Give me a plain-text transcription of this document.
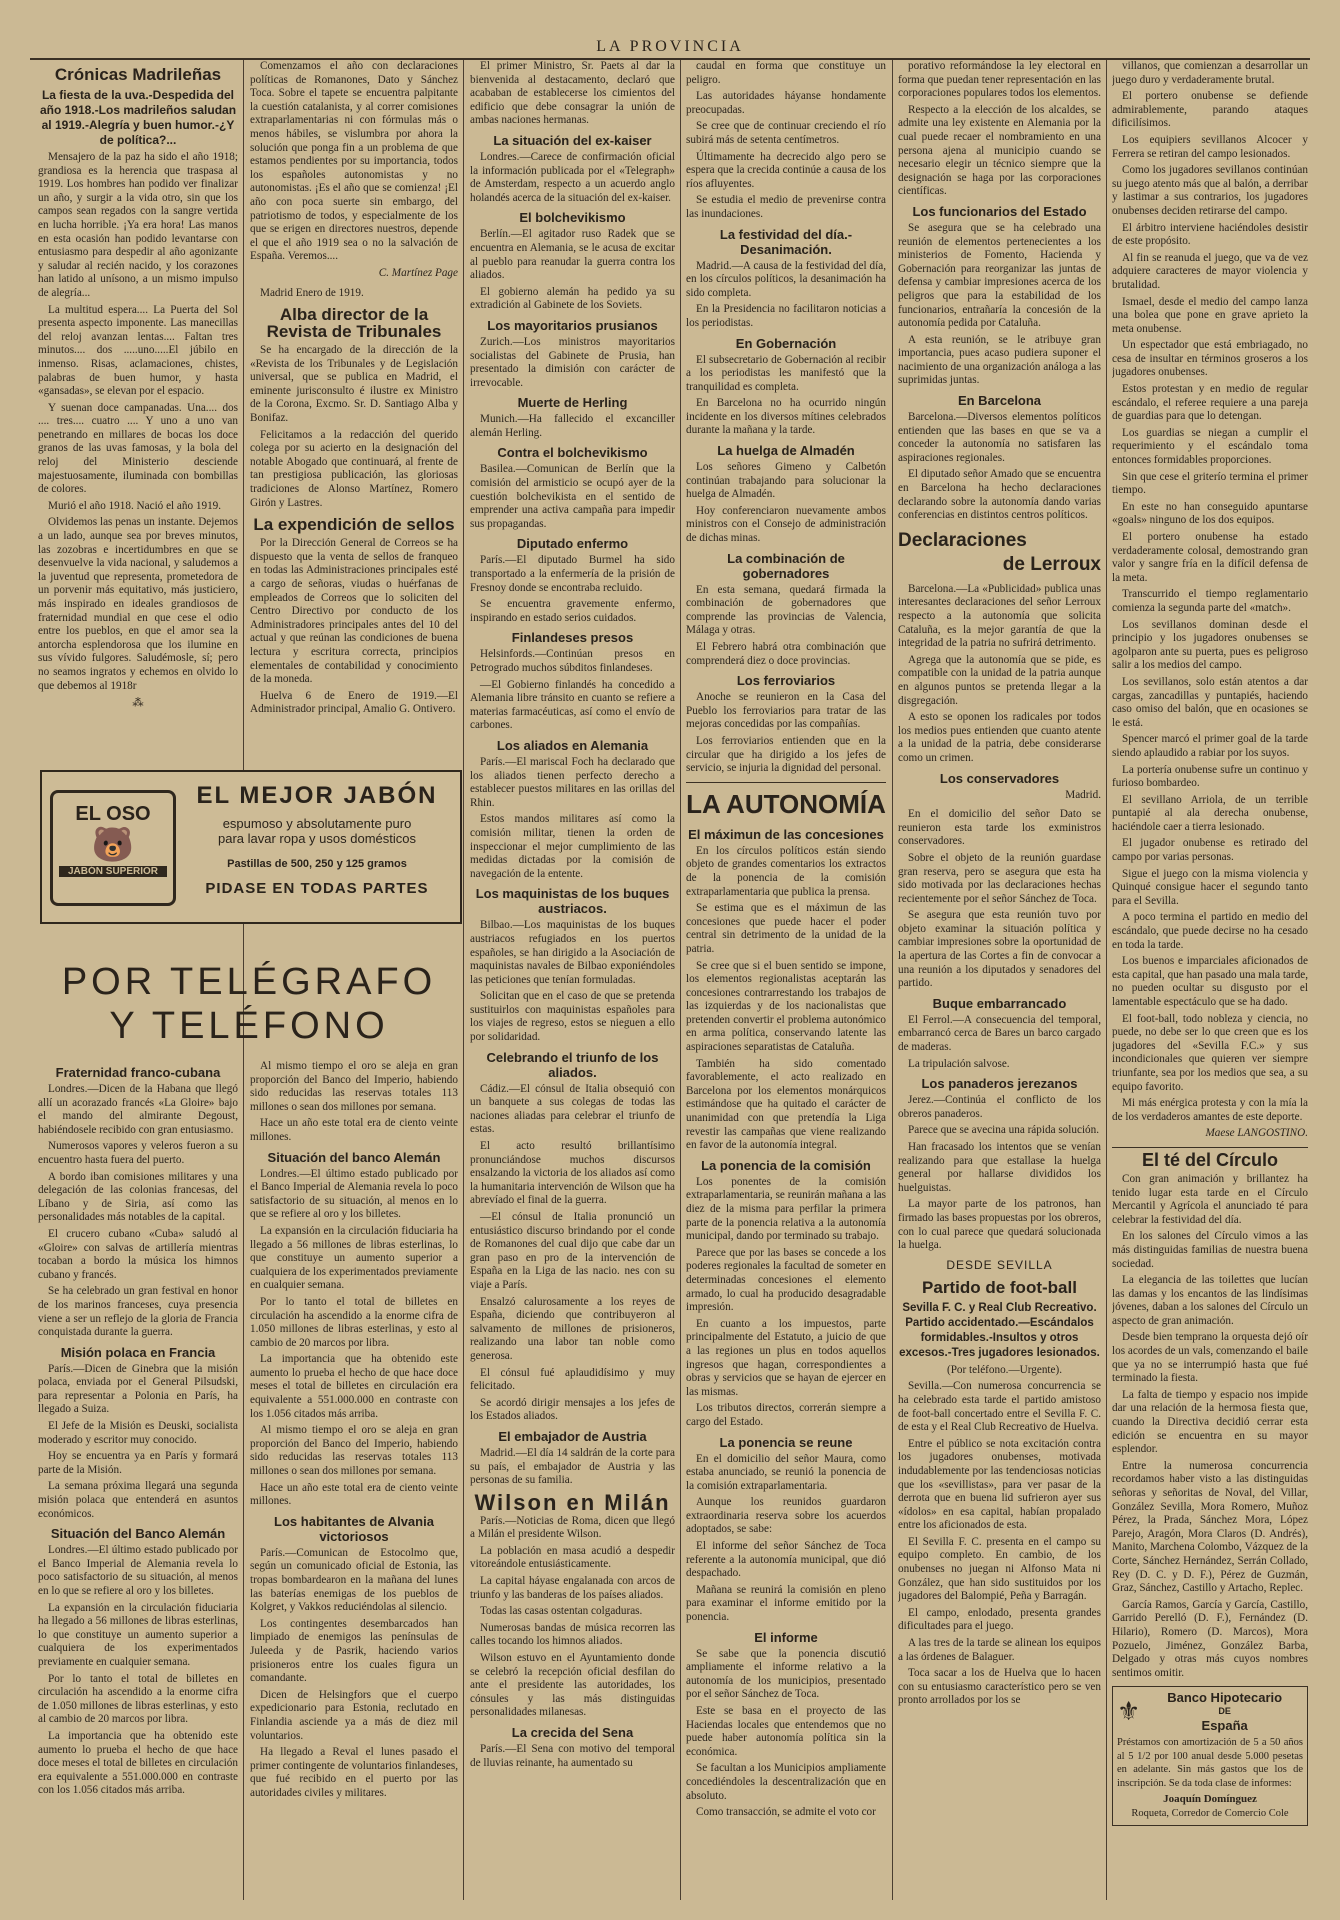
LA PROVINCIA
Crónicas Madrileñas
La fiesta de la uva.-Despedida del año 1918.-Los madrileños saludan al 1919.-Alegría y buen humor.-¿Y de política?...

Mensajero de la paz ha sido el año 1918; grandiosa es la herencia que traspasa al 1919. Los hombres han podido ver finalizar un año, y surgir a la vida otro, sin que los campos sean regados con la sangre vertida en lucha horrible. ¡Ya era hora! Las manos en esta ocasión han podido levantarse con entusiasmo para despedir al año agonizante y saludar al recién nacido, y los corazones han latido al unísono, a un mismo impulso de alegría...

La multitud espera.... La Puerta del Sol presenta aspecto imponente. Las manecillas del reloj avanzan lentas.... Faltan tres minutos.... dos .....uno.....El júbilo en inmenso. Risas, aclamaciones, chistes, palabras de buen humor, y hasta «gansadas», se elevan por el espacio.

Y suenan doce campanadas. Una.... dos .... tres.... cuatro .... Y uno a uno van penetrando en millares de bocas los doce granos de las uvas famosas, y la bola del reloj del Ministerio desciende majestuosamente, iluminada con bombillas de colores.

Murió el año 1918. Nació el año 1919.

Olvidemos las penas un instante. Dejemos a un lado, aunque sea por breves minutos, las zozobras e incertidumbres en que se desenvuelve la vida nacional, y saludemos a la juventud que representa, prometedora de un porvenir más equitativo, más justiciero, más inspirado en ideales grandiosos de fraternidad mundial en que cese el odio entre los pueblos, en que el amor sea la antorcha esplendorosa que los ilumine en sus vívido fulgores. Saludémosle, sí; pero no seamos ingratos y echemos en olvido lo que debemos al 1918r

⁂

Comenzamos el año con declaraciones políticas de Romanones, Dato y Sánchez Toca. Sobre el tapete se encuentra palpitante la cuestión catalanista, y al correr comisiones extraparlamentarias ni con fórmulas más o menos hábiles, se vislumbra por ahora la solución que ponga fin a un problema de que estamos pendientes por su importancia, todos los españoles autonomistas y no autonomistas. ¡Es el año que se comienza! ¡El año con poca suerte sin embargo, del patriotismo de todos, y especialmente de los que se erigen en directores nuestros, depende el que el año 1919 sea o no la salvación de España. Veremos....

C. Martínez Page

Madrid Enero de 1919.

Alba director de la Revista de Tribunales

Se ha encargado de la dirección de la «Revista de los Tribunales y de Legislación universal, que se publica en Madrid, el eminente jurisconsulto é ilustre ex Ministro de la Corona, Excmo. Sr. D. Santiago Alba y Bonifaz.

Felicitamos a la redacción del querido colega por su acierto en la designación del notable Abogado que continuará, al frente de tan prestigiosa publicación, las gloriosas tradiciones de Alonso Martínez, Romero Girón y Lastres.

La expendición de sellos

Por la Dirección General de Correos se ha dispuesto que la venta de sellos de franqueo en todas las Administraciones principales esté a cargo de señoras, viudas o huérfanas de empleados de Correos que lo soliciten del Centro Directivo por conducto de los Administradores principales antes del 10 del actual y que reúnan las condiciones de buena lectura y escritura correcta, principios elementales de contabilidad y conocimiento de la moneda.

Huelva 6 de Enero de 1919.—El Administrador principal, Amalio G. Ontivero.

EL OSO
🐻
JABÓN SUPERIOR
EL MEJOR JABÓN
espumoso y absolutamente puro
para lavar ropa y usos domésticos
Pastillas de 500, 250 y 125 gramos
PIDASE EN TODAS PARTES
POR TELÉGRAFO
Y TELÉFONO
Fraternidad franco-cubana

Londres.—Dicen de la Habana que llegó allí un acorazado francés «La Gloire» bajo el mando del almirante Degoust, habiéndosele recibido con gran entusiasmo.

Numerosos vapores y veleros fueron a su encuentro hasta fuera del puerto.

A bordo iban comisiones militares y una delegación de las colonias francesas, del Líbano y de Siria, así como las personalidades más notables de la capital.

El crucero cubano «Cuba» saludó al «Gloire» con salvas de artillería mientras tocaban a bordo la música los himnos cubano y francés.

Se ha celebrado un gran festival en honor de los marinos franceses, cuya presencia viene a ser un reflejo de la gloria de Francia conquistada durante la guerra.

Misión polaca en Francia

París.—Dicen de Ginebra que la misión polaca, enviada por el General Pilsudski, para representar a Polonia en París, ha llegado a Suiza.

El Jefe de la Misión es Deuski, socialista moderado y escritor muy conocido.

Hoy se encuentra ya en París y formará parte de la Misión.

La semana próxima llegará una segunda misión polaca que entenderá en asuntos económicos.

Situación del Banco Alemán

Londres.—El último estado publicado por el Banco Imperial de Alemania revela lo poco satisfactorio de su situación, al menos en lo que se refiere al oro y los billetes.

La expansión en la circulación fiduciaria ha llegado a 56 millones de libras esterlinas, lo que constituye un aumento superior a cualquiera de los experimentados previamente en cualquier semana.

Por lo tanto el total de billetes en circulación ha ascendido a la enorme cifra de 1.050 millones de libras esterlinas, y esto al cambio de 20 marcos por libra.

La importancia que ha obtenido este aumento lo prueba el hecho de que hace doce meses el total de billetes en circulación era equivalente a 551.000.000 en contraste con los 1.056 citados más arriba.

Al mismo tiempo el oro se aleja en gran proporción del Banco del Imperio, habiendo sido reducidas las reservas totales 113 millones o sean dos millones por semana.

Hace un año este total era de ciento veinte millones.

Situación del banco Alemán

Londres.—El último estado publicado por el Banco Imperial de Alemania revela lo poco satisfactorio de su situación, al menos en lo que se refiere al oro y los billetes.

La expansión en la circulación fiduciaria ha llegado a 56 millones de libras esterlinas, lo que constituye un aumento superior a cualquiera de los experimentados previamente en cualquier semana.

Por lo tanto el total de billetes en circulación ha ascendido a la enorme cifra de 1.050 millones de libras esterlinas, y esto al cambio de 20 marcos por libra.

La importancia que ha obtenido este aumento lo prueba el hecho de que hace doce meses el total de billetes en circulación era equivalente a 551.000.000 en contraste con los 1.056 citados más arriba.

Al mismo tiempo el oro se aleja en gran proporción del Banco del Imperio, habiendo sido reducidas las reservas totales 113 millones o sean dos millones por semana.

Hace un año este total era de ciento veinte millones.

Los habitantes de Alvania victoriosos

París.—Comunican de Estocolmo que, según un comunicado oficial de Estonia, las tropas bombardearon en la mañana del lunes las baterías enemigas de los pueblos de Kolgret, y Vakkos reduciéndolas al silencio.

Los contingentes desembarcados han limpiado de enemigos las penínsulas de Juleeda y de Pasrik, haciendo varios prisioneros entre los cuales figura un comandante.

Dicen de Helsingfors que el cuerpo expedicionario para Estonia, reclutado en Finlandia asciende ya a más de diez mil voluntarios.

Ha llegado a Reval el lunes pasado el primer contingente de voluntarios finlandeses, que fué recibido en el puerto por las autoridades civiles y militares.

El primer Ministro, Sr. Paets al dar la bienvenida al destacamento, declaró que acababan de establecerse los cimientos del edificio que debe consagrar la unión de ambas naciones hermanas.

La situación del ex-kaiser

Londres.—Carece de confirmación oficial la información publicada por el «Telegraph» de Amsterdam, respecto a un acuerdo anglo holandés acerca de la situación del ex-kaiser.

El bolchevikismo

Berlín.—El agitador ruso Radek que se encuentra en Alemania, se le acusa de excitar al pueblo para reanudar la guerra contra los aliados.

El gobierno alemán ha pedido ya su extradición al Gabinete de los Soviets.

Los mayoritarios prusianos

Zurich.—Los ministros mayoritarios socialistas del Gabinete de Prusia, han presentado la dimisión con carácter de irrevocable.

Muerte de Herling

Munich.—Ha fallecido el excanciller alemán Herling.

Contra el bolchevikismo

Basilea.—Comunican de Berlín que la comisión del armisticio se ocupó ayer de la cuestión bolchevikista en el sentido de emprender una activa campaña para impedir sus propagandas.

Diputado enfermo

París.—El diputado Burmel ha sido transportado a la enfermería de la prisión de Fresnoy donde se encontraba recluido.

Se encuentra gravemente enfermo, inspirando en estado serios cuidados.

Finlandeses presos

Helsinfords.—Continúan presos en Petrogrado muchos súbditos finlandeses.

—El Gobierno finlandés ha concedido a Alemania libre tránsito en cuanto se refiere a materias farmacéuticas, así como el envío de carbones.

Los aliados en Alemania

París.—El mariscal Foch ha declarado que los aliados tienen perfecto derecho a establecer puestos militares en las orillas del Rhin.

Estos mandos militares así como la comisión militar, tienen la orden de inspeccionar el mejor cumplimiento de las medidas dictadas por la comisión de navegación de la entente.

Los maquinistas de los buques austriacos.

Bilbao.—Los maquinistas de los buques austriacos refugiados en los puertos españoles, se han dirigido a la Asociación de maquinistas navales de Bilbao exponiéndoles las peticiones que tenían formuladas.

Solicitan que en el caso de que se pretenda sustituirlos con maquinistas españoles para los viajes de regreso, estos se nieguen a ello por solidaridad.

Celebrando el triunfo de los aliados.

Cádiz.—El cónsul de Italia obsequió con un banquete a sus colegas de todas las naciones aliadas para celebrar el triunfo de estas.

El acto resultó brillantísimo pronunciándose muchos discursos ensalzando la victoria de los aliados así como la humanitaria intervención de Wilson que ha abrevíado el final de la guerra.

—El cónsul de Italia pronunció un entusiástico discurso brindando por el conde de Romanones del cual dijo que cabe dar un gran paso en pro de la intervención de España en la Liga de las nacio. nes con su viaje a París.

Ensalzó calurosamente a los reyes de España, diciendo que contribuyeron al salvamento de millones de prisioneros, realizando una labor tan noble como generosa.

El cónsul fué aplaudidísimo y muy felicitado.

Se acordó dirigir mensajes a los jefes de los Estados aliados.

El embajador de Austria

Madrid.—El día 14 saldrán de la corte para su país, el embajador de Austria y las personas de su familia.

Wilson en Milán

París.—Noticias de Roma, dicen que llegó a Milán el presidente Wilson.

La población en masa acudió a despedir vitoreándole entusiásticamente.

La capital háyase engalanada con arcos de triunfo y las banderas de los países aliados.

Todas las casas ostentan colgaduras.

Numerosas bandas de música recorren las calles tocando los himnos aliados.

Wilson estuvo en el Ayuntamiento donde se celebró la recepción oficial desfilan do ante el presidente las autoridades, los cónsules y las más distinguidas personalidades milanesas.

La crecida del Sena

París.—El Sena con motivo del temporal de lluvias reinante, ha aumentado su

caudal en forma que constituye un peligro.

Las autoridades háyanse hondamente preocupadas.

Se cree que de continuar creciendo el río subirá más de setenta centímetros.

Últimamente ha decrecido algo pero se espera que la crecida continúe a causa de los ríos afluyentes.

Se estudia el medio de prevenirse contra las inundaciones.

La festividad del día.-Desanimación.

Madrid.—A causa de la festividad del día, en los círculos políticos, la desanimación ha sido completa.

En la Presidencia no facilitaron noticias a los periodistas.

En Gobernación

El subsecretario de Gobernación al recibir a los periodistas les manifestó que la tranquilidad es completa.

En Barcelona no ha ocurrido ningún incidente en los diversos mítines celebrados durante la mañana y la tarde.

La huelga de Almadén

Los señores Gimeno y Calbetón continúan trabajando para solucionar la huelga de Almadén.

Hoy conferenciaron nuevamente ambos ministros con el Consejo de administración de dichas minas.

La combinación de gobernadores

En esta semana, quedará firmada la combinación de gobernadores que comprende las provincias de Valencia, Málaga y otras.

El Febrero habrá otra combinación que comprenderá diez o doce provincias.

Los ferroviarios

Anoche se reunieron en la Casa del Pueblo los ferroviarios para tratar de las mejoras concedidas por las compañías.

Los ferroviarios entienden que en la circular que ha dirigido a los jefes de servicio, se injuria la dignidad del personal.

LA AUTONOMÍA
El máximun de las concesiones

En los círculos políticos están siendo objeto de grandes comentarios los extractos de la ponencia de la comisión extraparlamentaria que publica la prensa.

Se estima que es el máximun de las concesiones que puede hacer el poder central sin detrimento de la unidad de la patria.

Se cree que si el buen sentido se impone, los elementos regionalistas aceptarán las concesiones contrarrestando los trabajos de las izquierdas y de los nacionalistas que pretenden convertir el problema autonómico en arma política, conservando latente las aspiraciones separatistas de Cataluña.

También ha sido comentado favorablemente, el acto realizado en Barcelona por los elementos monárquicos estimándose que ha quitado el carácter de unanimidad con que pretendía la Liga revestir las campañas que viene realizando en favor de la autonomía integral.

La ponencia de la comisión

Los ponentes de la comisión extraparlamentaria, se reunirán mañana a las diez de la misma para perfilar la primera parte de la ponencia relativa a la autonomía municipal, dando por terminado su trabajo.

Parece que por las bases se concede a los poderes regionales la facultad de someter en determinadas concesiones el elemento armado, lo cual ha producido desagradable impresión.

En cuanto a los impuestos, parte principalmente del Estatuto, a juicio de que a las regiones un plus en todos aquellos ingresos que hagan, correspondientes a obras y servicios que se hayan de ejercer en las mismas.

Los tributos directos, correrán siempre a cargo del Estado.

La ponencia se reune

En el domicilio del señor Maura, como estaba anunciado, se reunió la ponencia de la comisión extraparlamentaria.

Aunque los reunidos guardaron extraordinaria reserva sobre los acuerdos adoptados, se sabe:

El informe del señor Sánchez de Toca referente a la autonomía municipal, que dió despachado.

Mañana se reunirá la comisión en pleno para examinar el informe emitido por la ponencia.

El informe

Se sabe que la ponencia discutió ampliamente el informe relativo a la autonomía de los municipios, presentado por el señor Sánchez de Toca.

Este se basa en el proyecto de las Haciendas locales que entendemos que no puede haber autonomía política sin la económica.

Se facultan a los Municipios ampliamente concediéndoles la descentralización que en absoluto.

Como transacción, se admite el voto cor

porativo reformándose la ley electoral en forma que puedan tener representación en las corporaciones populares todos los elementos.

Respecto a la elección de los alcaldes, se admite una ley existente en Alemania por la cual puede recaer el nombramiento en una persona ajena al municipio cuando se necesario elegir un técnico siempre que la designación se haga por las corporaciones científicas.

Los funcionarios del Estado

Se asegura que se ha celebrado una reunión de elementos pertenecientes a los ministerios de Fomento, Hacienda y Gobernación para reorganizar las juntas de defensa y cambiar impresiones acerca de los peligros que para la estabilidad de los funcionarios, entrañaría la concesión de la autonomía pedida por Cataluña.

A esta reunión, se le atribuye gran importancia, pues acaso pudiera suponer el nacimiento de una organización análoga a las suprimidas juntas.

En Barcelona

Barcelona.—Diversos elementos políticos entienden que las bases en que se va a conceder la autonomía no satisfaren las aspiraciones regionales.

El diputado señor Amado que se encuentra en Barcelona ha hecho declaraciones declarando sobre la autonomía dando varias conferencias en distintos centros políticos.

Declaraciones
de Lerroux

Barcelona.—La «Publicidad» publica unas interesantes declaraciones del señor Lerroux respecto a la autonomía que solicita Cataluña, es la mejor garantía de que la integridad de la patria no sufrirá detrimento.

Agrega que la autonomía que se pide, es compatible con la unidad de la patria aunque en algunos puntos se pretenda llegar a la disgregación.

A esto se oponen los radicales por todos los medios pues entienden que cuanto atente a la unidad de la patria, debe considerarse como un crimen.

Los conservadores
Madrid.

En el domicilio del señor Dato se reunieron esta tarde los exministros conservadores.

Sobre el objeto de la reunión guardase gran reserva, pero se asegura que esta ha sido motivada por las declaraciones hechas recientemente por el señor Sánchez de Toca.

Se asegura que esta reunión tuvo por objeto examinar la situación política y cambiar impresiones sobre la oportunidad de la apertura de las Cortes a fin de convocar a una reunión a los diputados y senadores del partido.

Buque embarrancado

El Ferrol.—A consecuencia del temporal, embarrancó cerca de Bares un barco cargado de maderas.

La tripulación salvose.

Los panaderos jerezanos

Jerez.—Continúa el conflicto de los obreros panaderos.

Parece que se avecina una rápida solución.

Han fracasado los intentos que se venían realizando para que estallase la huelga general por hallarse divididos los huelguistas.

La mayor parte de los patronos, han firmado las bases propuestas por los obreros, con lo cual parece que quedará solucionada la huelga.

DESDE SEVILLA
Partido de foot-ball
Sevilla F. C. y Real Club Recreativo. Partido accidentado.—Escándalos formidables.-Insultos y otros excesos.-Tres jugadores lesionados.

(Por teléfono.—Urgente).

Sevilla.—Con numerosa concurrencia se ha celebrado esta tarde el partido amistoso de foot-ball concertado entre el Sevilla F. C. de esta y el Real Club Recreativo de Huelva.

Entre el público se nota excitación contra los jugadores onubenses, motivada indudablemente por las tendenciosas noticias que los «sevillistas», para ver pasar de la derrota que en buena lid sufrieron ayer sus «ídolos» en esa capital, habían propalado entre los aficionados de esta.

El Sevilla F. C. presenta en el campo su equipo completo. En cambio, de los onubenses no juegan ni Alfonso Mata ni González, que han sido sustituidos por los jugadores del Balompié, Peña y Barragán.

El campo, enlodado, presenta grandes dificultades para el juego.

A las tres de la tarde se alinean los equipos a las órdenes de Balaguer.

Toca sacar a los de Huelva que lo hacen con su entusiasmo característico pero se ven pronto arrollados por los se

villanos, que comienzan a desarrollar un juego duro y verdaderamente brutal.

El portero onubense se defiende admirablemente, parando ataques dificilísimos.

Los equipiers sevillanos Alcocer y Ferrera se retiran del campo lesionados.

Como los jugadores sevillanos continúan su juego atento más que al balón, a derribar y lastimar a sus contrarios, los jugadores onubenses deciden retirarse del campo.

El árbitro interviene haciéndoles desistir de este propósito.

Al fin se reanuda el juego, que va de vez adquiere caracteres de mayor violencia y brutalidad.

Ismael, desde el medio del campo lanza una bolea que pone en grave aprieto la meta onubense.

Un espectador que está embriagado, no cesa de insultar en términos groseros a los jugadores onubenses.

Estos protestan y en medio de regular escándalo, el referee requiere a una pareja de guardias para que lo detengan.

Los guardias se niegan a cumplir el requerimiento y el escándalo toma entonces formidables proporciones.

Sin que cese el griterío termina el primer tiempo.

En este no han conseguido apuntarse «goals» ninguno de los dos equipos.

El portero onubense ha estado verdaderamente colosal, demostrando gran valor y sangre fría en la difícil defensa de la meta.

Transcurrido el tiempo reglamentario comienza la segunda parte del «match».

Los sevillanos dominan desde el principio y los jugadores onubenses se agolparon ante su puerta, pues es peligroso salir a los medios del campo.

Los sevillanos, solo están atentos a dar cargas, zancadillas y puntapiés, haciendo caso omiso del balón, que en ocasiones se le está.

Spencer marcó el primer goal de la tarde siendo aplaudido a rabiar por los suyos.

La portería onubense sufre un continuo y furioso bombardeo.

El sevillano Arriola, de un terrible puntapié al ala derecha onubense, haciéndole caer a tierra lesionado.

El jugador onubense es retirado del campo por varias personas.

Sigue el juego con la misma violencia y Quinqué consigue hacer el segundo tanto para el Sevilla.

A poco termina el partido en medio del escándalo, que puede decirse no ha cesado en toda la tarde.

Los buenos e imparciales aficionados de esta capital, que han pasado una mala tarde, no pueden ocultar su disgusto por el lamentable espectáculo que se ha dado.

El foot-ball, todo nobleza y ciencia, no puede, no debe ser lo que creen que es los jugadores del «Sevilla F.C.» y sus incondicionales que quieren ver siempre triunfante, sea por los medios que sea, a su equipo favorito.

Mi más enérgica protesta y con la mía la de los verdaderos amantes de este deporte.

Maese LANGOSTINO.
El té del Círculo

Con gran animación y brillantez ha tenido lugar esta tarde en el Círculo Mercantil y Agrícola el anunciado té para celebrar la festividad del día.

En los salones del Círculo vimos a las más distinguidas familias de nuestra buena sociedad.

La elegancia de las toilettes que lucían las damas y los encantos de las lindísimas jóvenes, daban a los salones del Círculo un aspecto de gran animación.

Desde bien temprano la orquesta dejó oír los acordes de un vals, comenzando el baile que ya no se interrumpió hasta que fué terminado la fiesta.

La falta de tiempo y espacio nos impide dar una relación de la hermosa fiesta que, cuando la Directiva decidió cerrar esta edición se encuentra en su mayor esplendor.

Entre la numerosa concurrencia recordamos haber visto a las distinguidas señoras y señoritas de Noval, del Villar, González Sevilla, Mora Romero, Muñoz Pérez, la Prada, Sánchez Mora, López Parejo, Aragón, Mora Claros (D. Andrés), Manito, Marchena Colombo, Vázquez de la Corte, Sánchez Hernández, Serrán Collado, Rey (D. C. y D. F.), Pérez de Guzmán, Graz, Sánchez, Castillo y Artacho, Replec.

García Ramos, García y García, Castillo, Garrido Perelló (D. F.), Fernández (D. Hilario), Romero (D. Marcos), Mora Pozuelo, Jiménez, González Barba, Delgado y otras más cuyos nombres sentimos omitir.

⚜	Banco Hipotecario
DE
España

Préstamos con amortización de 5 a 50 años al 5 1/2 por 100 anual desde 5.000 pesetas en adelante. Sin más gastos que los de inscripción. Se da toda clase de informes:

Joaquín Domínguez
Roqueta, Corredor de Comercio Cole
